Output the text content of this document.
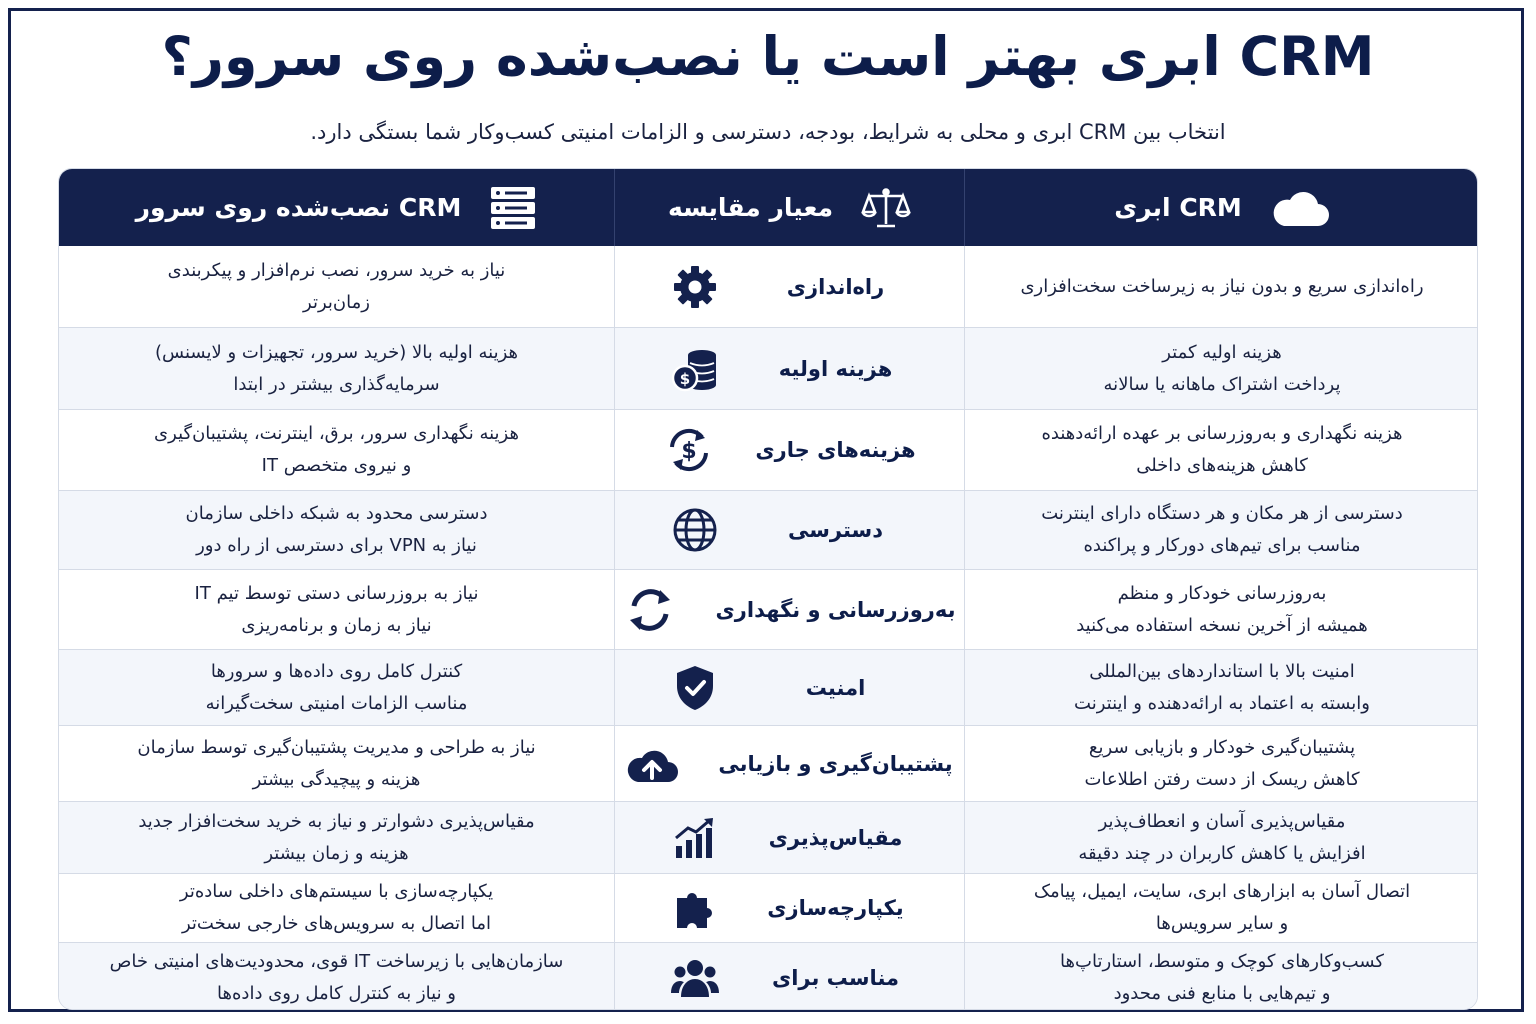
CRM ابری بهتر است یا نصب‌شده روی سرور؟
انتخاب بین CRM ابری و محلی به شرایط، بودجه، دسترسی و الزامات امنیتی کسب‌وکار شما بستگی دارد.
CRM ابری
معیار مقایسه
CRM نصب‌شده روی سرور
راه‌اندازی سریع و بدون نیاز به زیرساخت سخت‌افزاری
راه‌اندازی
نیاز به خرید سرور، نصب نرم‌افزار و پیکربندی
زمان‌برتر
هزینه اولیه کمتر
پرداخت اشتراک ماهانه یا سالانه
هزینه اولیه
$
هزینه اولیه بالا (خرید سرور، تجهیزات و لایسنس)
سرمایه‌گذاری بیشتر در ابتدا
هزینه نگهداری و به‌روزرسانی بر عهده ارائه‌دهنده
کاهش هزینه‌های داخلی
هزینه‌های جاری
$
هزینه نگهداری سرور، برق، اینترنت، پشتیبان‌گیری
و نیروی متخصص IT
دسترسی از هر مکان و هر دستگاه دارای اینترنت
مناسب برای تیم‌های دورکار و پراکنده
دسترسی
دسترسی محدود به شبکه داخلی سازمان
نیاز به VPN برای دسترسی از راه دور
به‌روزرسانی خودکار و منظم
همیشه از آخرین نسخه استفاده می‌کنید
به‌روزرسانی و نگهداری
نیاز به بروزرسانی دستی توسط تیم IT
نیاز به زمان و برنامه‌ریزی
امنیت بالا با استانداردهای بین‌المللی
وابسته به اعتماد به ارائه‌دهنده و اینترنت
امنیت
کنترل کامل روی داده‌ها و سرورها
مناسب الزامات امنیتی سخت‌گیرانه
پشتیبان‌گیری خودکار و بازیابی سریع
کاهش ریسک از دست رفتن اطلاعات
پشتیبان‌گیری و بازیابی
نیاز به طراحی و مدیریت پشتیبان‌گیری توسط سازمان
هزینه و پیچیدگی بیشتر
مقیاس‌پذیری آسان و انعطاف‌پذیر
افزایش یا کاهش کاربران در چند دقیقه
مقیاس‌پذیری
مقیاس‌پذیری دشوارتر و نیاز به خرید سخت‌افزار جدید
هزینه و زمان بیشتر
اتصال آسان به ابزارهای ابری، سایت، ایمیل، پیامک
و سایر سرویس‌ها
یکپارچه‌سازی
یکپارچه‌سازی با سیستم‌های داخلی ساده‌تر
اما اتصال به سرویس‌های خارجی سخت‌تر
کسب‌وکارهای کوچک و متوسط، استارتاپ‌ها
و تیم‌هایی با منابع فنی محدود
مناسب برای
سازمان‌هایی با زیرساخت IT قوی، محدودیت‌های امنیتی خاص
و نیاز به کنترل کامل روی داده‌ها
